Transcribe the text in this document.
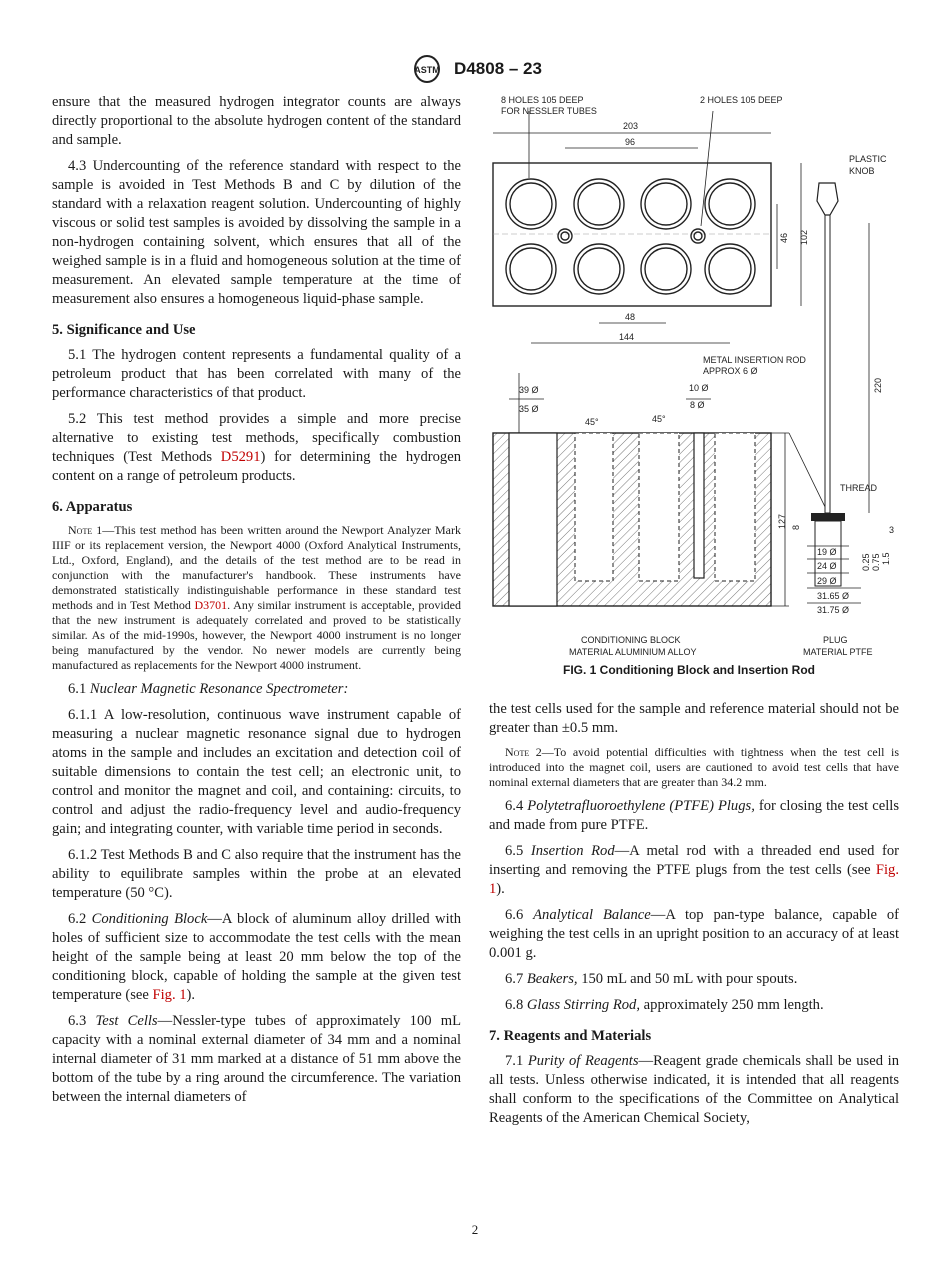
ASTM D4808 – 23

ensure that the measured hydrogen integrator counts are always directly proportional to the absolute hydrogen content of the standard and sample.

4.3 Undercounting of the reference standard with respect to the sample is avoided in Test Methods B and C by dilution of the standard with a relaxation reagent solution. Undercounting of highly viscous or solid test samples is avoided by dissolving the sample in a non-hydrogen containing solvent, which ensures that all of the weighed sample is in a fluid and homogeneous solution at the time of measurement. An elevated sample temperature at the time of measurement also ensures a homogeneous liquid-phase sample.

5. Significance and Use

5.1 The hydrogen content represents a fundamental quality of a petroleum product that has been correlated with many of the performance characteristics of that product.

5.2 This test method provides a simple and more precise alternative to existing test methods, specifically combustion techniques (Test Methods D5291) for determining the hydrogen content on a range of petroleum products.

6. Apparatus
Note 1—This test method has been written around the Newport Analyzer Mark IIIF or its replacement version, the Newport 4000 (Oxford Analytical Instruments, Ltd., Oxford, England), and the details of the test method are to be read in conjunction with the manufacturer's handbook. These instruments have demonstrated statistically indistinguishable performance in these standard test methods and in Test Method D3701. Any similar instrument is acceptable, provided that the new instrument is adequately correlated and proved to be statistically similar. As of the mid-1990s, however, the Newport 4000 instrument is no longer being manufactured by the vendor. No newer models are currently being manufactured as replacements for the Newport 4000 instrument.

6.1 Nuclear Magnetic Resonance Spectrometer:

6.1.1 A low-resolution, continuous wave instrument capable of measuring a nuclear magnetic resonance signal due to hydrogen atoms in the sample and includes an excitation and detection coil of suitable dimensions to contain the test cell; an electronic unit, to control and monitor the magnet and coil, and containing: circuits, to control and adjust the radio-frequency level and audio-frequency gain; and integrating counter, with variable time period in seconds.

6.1.2 Test Methods B and C also require that the instrument has the ability to equilibrate samples within the probe at an elevated temperature (50 °C).

6.2 Conditioning Block—A block of aluminum alloy drilled with holes of sufficient size to accommodate the test cells with the mean height of the sample being at least 20 mm below the top of the conditioning block, capable of holding the sample at the given test temperature (see Fig. 1).

6.3 Test Cells—Nessler-type tubes of approximately 100 mL capacity with a nominal external diameter of 34 mm and a nominal internal diameter of 31 mm marked at a distance of 51 mm above the bottom of the tube by a ring around the circumference. The variation between the internal diameters of

8 HOLES 105 DEEP
FOR NESSLER TUBES
2 HOLES 105 DEEP
203
96
46 102
48
144
PLASTIC
KNOB
METAL INSERTION ROD
APPROX 6 Ø
220
39 Ø
35 Ø
10 Ø
8 Ø
45°	45°
THREAD
127 8
19 Ø
24 Ø
29 Ø
31.65 Ø
31.75 Ø
0.25 0.75 1.5
3
CONDITIONING BLOCK
MATERIAL ALUMINIUM ALLOY
PLUG
MATERIAL PTFE
FIG. 1 Conditioning Block and Insertion Rod

the test cells used for the sample and reference material should not be greater than ±0.5 mm.

Note 2—To avoid potential difficulties with tightness when the test cell is introduced into the magnet coil, users are cautioned to avoid test cells that have nominal external diameters that are greater than 34.2 mm.

6.4 Polytetrafluoroethylene (PTFE) Plugs, for closing the test cells and made from pure PTFE.

6.5 Insertion Rod—A metal rod with a threaded end used for inserting and removing the PTFE plugs from the test cells (see Fig. 1).

6.6 Analytical Balance—A top pan-type balance, capable of weighing the test cells in an upright position to an accuracy of at least 0.001 g.

6.7 Beakers, 150 mL and 50 mL with pour spouts.

6.8 Glass Stirring Rod, approximately 250 mm length.

7. Reagents and Materials

7.1 Purity of Reagents—Reagent grade chemicals shall be used in all tests. Unless otherwise indicated, it is intended that all reagents shall conform to the specifications of the Committee on Analytical Reagents of the American Chemical Society,

2
